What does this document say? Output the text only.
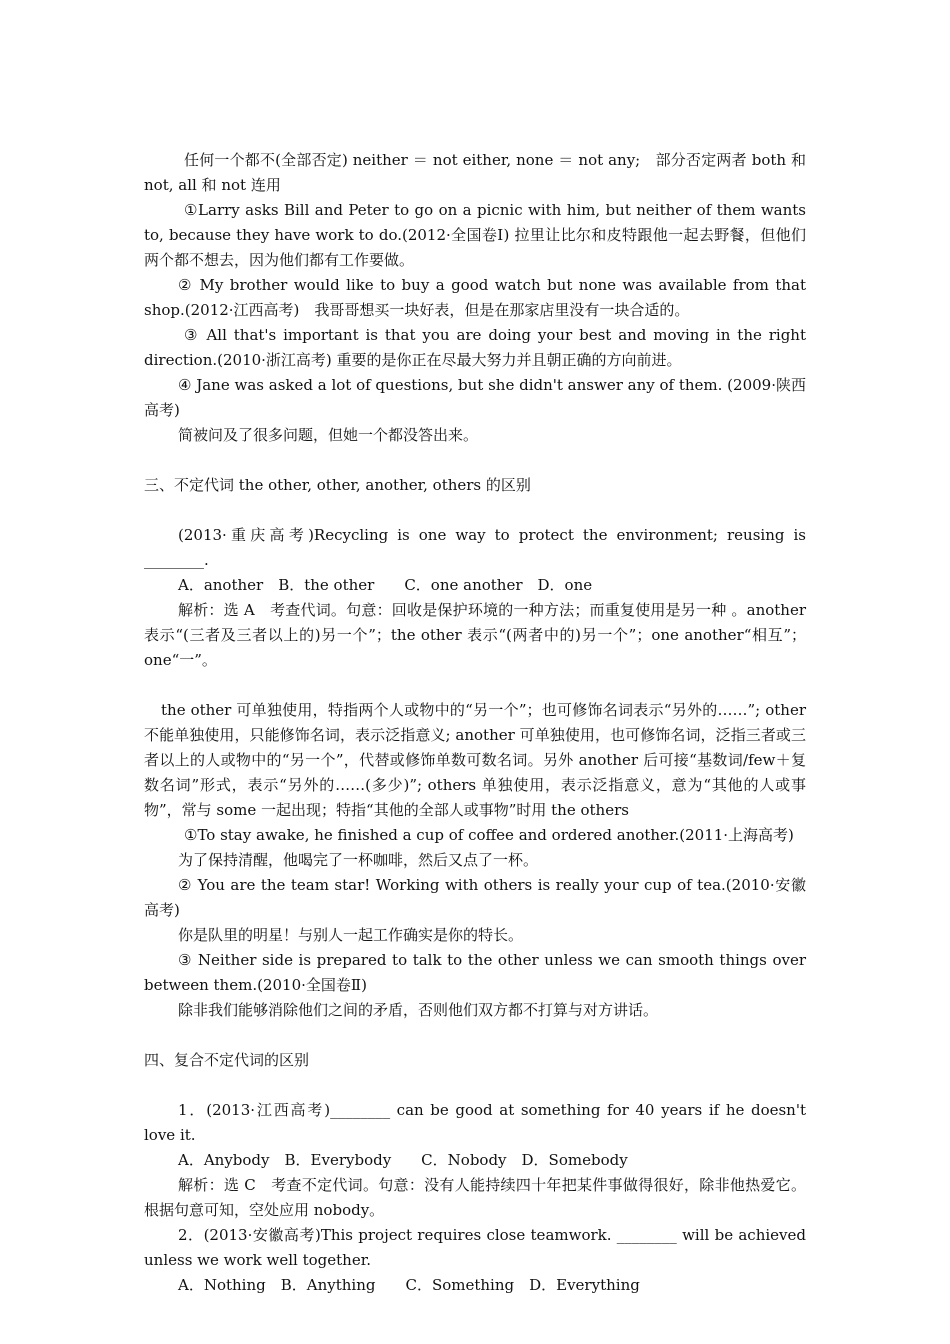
任何一个都不(全部否定) neither ＝ not either, none ＝ not any;　部分否定两者 both 和 not, all 和 not 连用

①Larry asks Bill and Peter to go on a picnic with him, but neither of them wants to, because they have work to do.(2012·全国卷Ⅰ) 拉里让比尔和皮特跟他一起去野餐，但他们两个都不想去，因为他们都有工作要做。

② My brother would like to buy a good watch but none was available from that shop.(2012·江西高考)　我哥哥想买一块好表，但是在那家店里没有一块合适的。

③ All that's important is that you are doing your best and moving in the right direction.(2010·浙江高考) 重要的是你正在尽最大努力并且朝正确的方向前进。

④ Jane was asked a lot of questions, but she didn't answer any of them. (2009·陕西高考)

简被问及了很多问题，但她一个都没答出来。

三、不定代词 the other, other, another, others 的区别

(2013·重庆高考)Recycling is one way to protect the environment; reusing is ________.

A．another　B．the other　　C．one another　D．one

解析：选 A　考查代词。句意：回收是保护环境的一种方法；而重复使用是另一种 。another 表示“(三者及三者以上的)另一个”；the other 表示“(两者中的)另一个”；one another“相互”；one“一”。

the other 可单独使用，特指两个人或物中的“另一个”；也可修饰名词表示“另外的……”; other 不能单独使用，只能修饰名词，表示泛指意义; another 可单独使用，也可修饰名词，泛指三者或三者以上的人或物中的“另一个”，代替或修饰单数可数名词。另外 another 后可接“基数词/few＋复数名词”形式，表示“另外的……(多少)”; others 单独使用，表示泛指意义，意为“其他的人或事物”，常与 some 一起出现；特指“其他的全部人或事物”时用 the others

①To stay awake, he finished a cup of coffee and ordered another.(2011·上海高考)

为了保持清醒，他喝完了一杯咖啡，然后又点了一杯。

② You are the team star! Working with others is really your cup of tea.(2010·安徽高考)

你是队里的明星！与别人一起工作确实是你的特长。

③ Neither side is prepared to talk to the other unless we can smooth things over between them.(2010·全国卷Ⅱ)

除非我们能够消除他们之间的矛盾，否则他们双方都不打算与对方讲话。

四、复合不定代词的区别

1．(2013·江西高考)________ can be good at something for 40 years if he doesn't love it.

A．Anybody　B．Everybody　　C．Nobody　D．Somebody

解析：选 C　考查不定代词。句意：没有人能持续四十年把某件事做得很好，除非他热爱它。根据句意可知，空处应用 nobody。

2．(2013·安徽高考)This project requires close teamwork. ________ will be achieved unless we work well together.

A．Nothing　B．Anything　　C．Something　D．Everything
